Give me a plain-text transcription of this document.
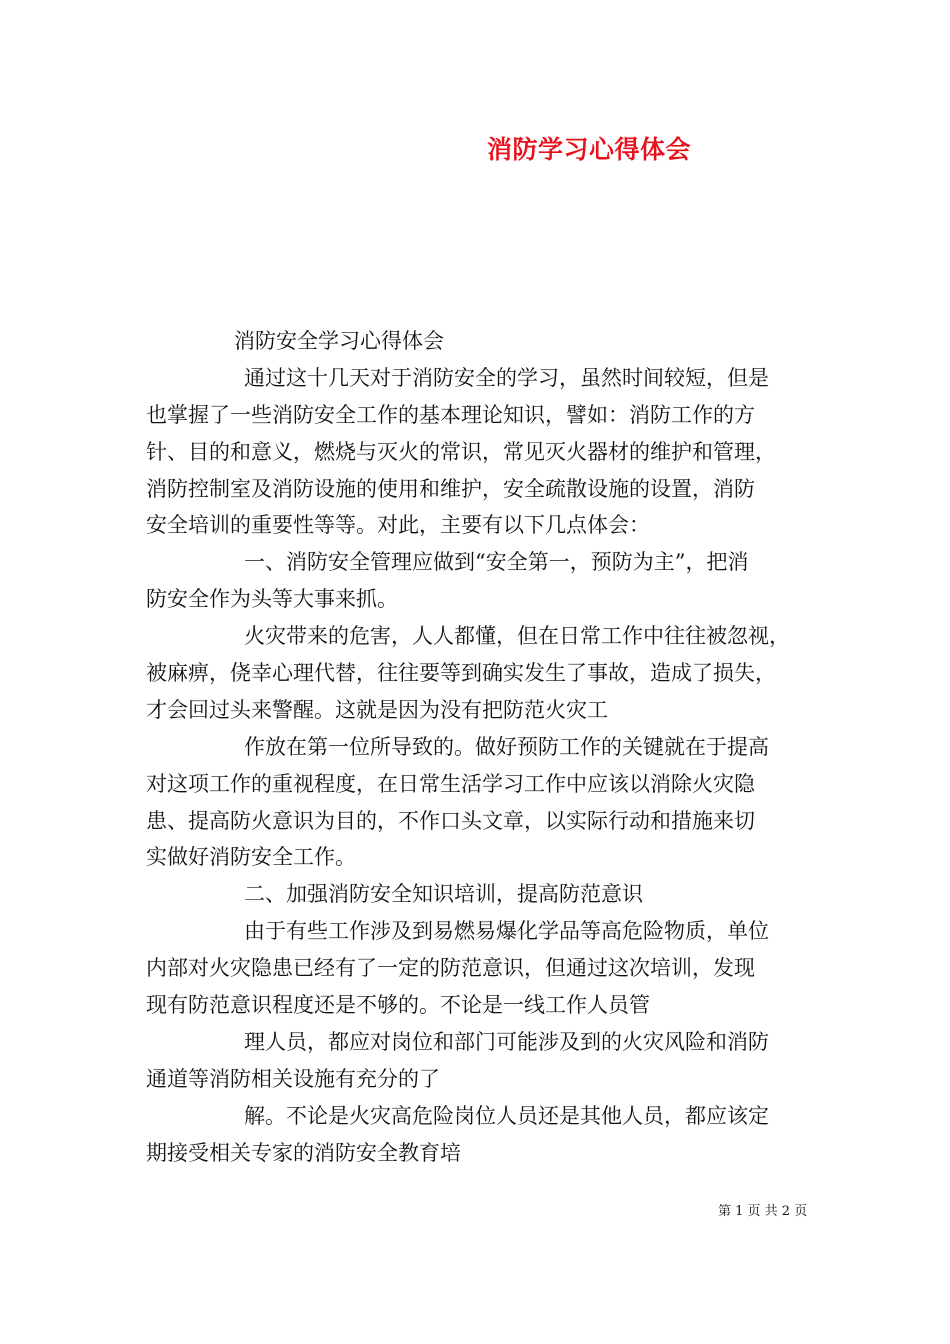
消防学习心得体会
消防安全学习心得体会
通过这十几天对于消防安全的学习，虽然时间较短，但是
也掌握了一些消防安全工作的基本理论知识，譬如：消防工作的方
针、目的和意义，燃烧与灭火的常识，常见灭火器材的维护和管理，
消防控制室及消防设施的使用和维护，安全疏散设施的设置，消防
安全培训的重要性等等。对此，主要有以下几点体会：
一、消防安全管理应做到“安全第一，预防为主”，把消
防安全作为头等大事来抓。
火灾带来的危害，人人都懂，但在日常工作中往往被忽视，
被麻痹，侥幸心理代替，往往要等到确实发生了事故，造成了损失，
才会回过头来警醒。这就是因为没有把防范火灾工
作放在第一位所导致的。做好预防工作的关键就在于提高
对这项工作的重视程度，在日常生活学习工作中应该以消除火灾隐
患、提高防火意识为目的，不作口头文章，以实际行动和措施来切
实做好消防安全工作。
二、加强消防安全知识培训，提高防范意识
由于有些工作涉及到易燃易爆化学品等高危险物质，单位
内部对火灾隐患已经有了一定的防范意识，但通过这次培训，发现
现有防范意识程度还是不够的。不论是一线工作人员管
理人员，都应对岗位和部门可能涉及到的火灾风险和消防
通道等消防相关设施有充分的了
解。不论是火灾高危险岗位人员还是其他人员，都应该定
期接受相关专家的消防安全教育培
第 1 页 共 2 页
